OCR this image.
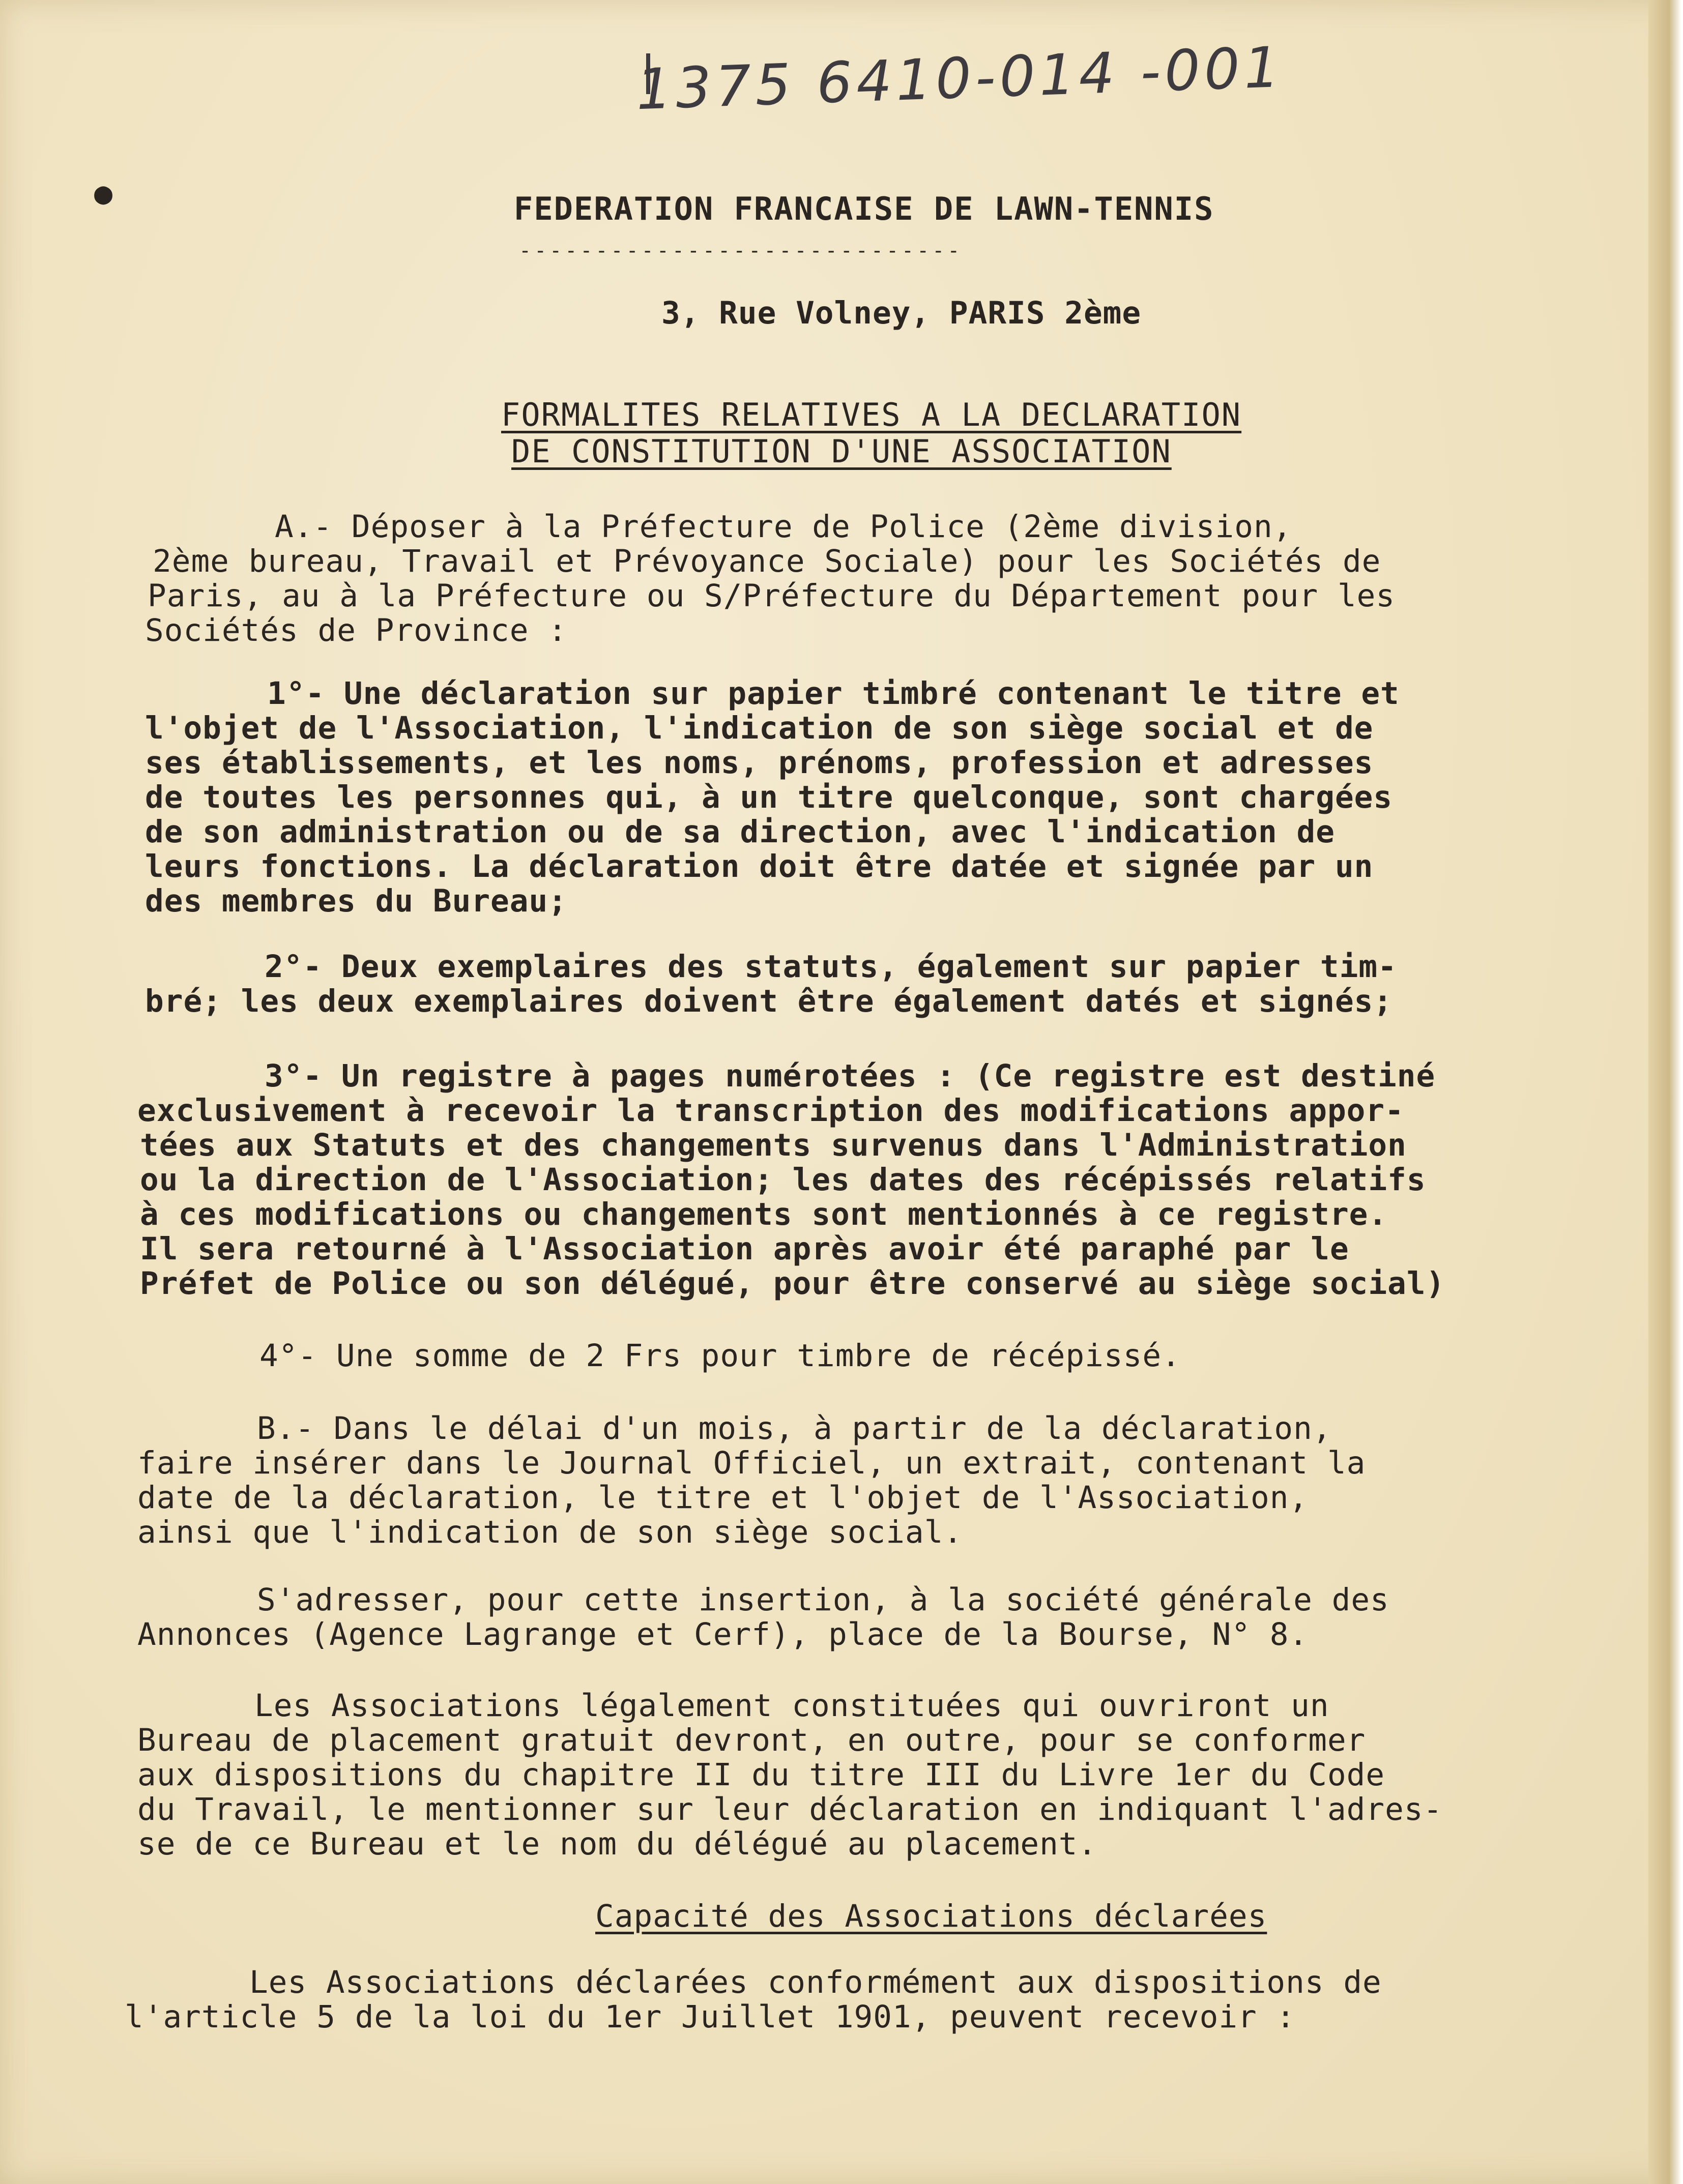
1375 6410-014 -001
●	FEDERATION FRANCAISE DE LAWN-TENNIS
-----------------------------
3, Rue Volney, PARIS 2ème
FORMALITES RELATIVES A LA DECLARATION
DE CONSTITUTION D'UNE ASSOCIATION
A.- Déposer à la Préfecture de Police (2ème division,
2ème bureau, Travail et Prévoyance Sociale) pour les Sociétés de
Paris, au à la Préfecture ou S/Préfecture du Département pour les
Sociétés de Province :
1°- Une déclaration sur papier timbré contenant le titre et
l'objet de l'Association, l'indication de son siège social et de
ses établissements, et les noms, prénoms, profession et adresses
de toutes les personnes qui, à un titre quelconque, sont chargées
de son administration ou de sa direction, avec l'indication de
leurs fonctions. La déclaration doit être datée et signée par un
des membres du Bureau;
2°- Deux exemplaires des statuts, également sur papier tim-
bré; les deux exemplaires doivent être également datés et signés;
3°- Un registre à pages numérotées : (Ce registre est destiné
exclusivement à recevoir la transcription des modifications appor-
tées aux Statuts et des changements survenus dans l'Administration
ou la direction de l'Association; les dates des récépissés relatifs
à ces modifications ou changements sont mentionnés à ce registre.
Il sera retourné à l'Association après avoir été paraphé par le
Préfet de Police ou son délégué, pour être conservé au siège social)
4°- Une somme de 2 Frs pour timbre de récépissé.
B.- Dans le délai d'un mois, à partir de la déclaration,
faire insérer dans le Journal Officiel, un extrait, contenant la
date de la déclaration, le titre et l'objet de l'Association,
ainsi que l'indication de son siège social.
S'adresser, pour cette insertion, à la société générale des
Annonces (Agence Lagrange et Cerf), place de la Bourse, N° 8.
Les Associations légalement constituées qui ouvriront un
Bureau de placement gratuit devront, en outre, pour se conformer
aux dispositions du chapitre II du titre III du Livre 1er du Code
du Travail, le mentionner sur leur déclaration en indiquant l'adres-
se de ce Bureau et le nom du délégué au placement.
Capacité des Associations déclarées
Les Associations déclarées conformément aux dispositions de
l'article 5 de la loi du 1er Juillet 1901, peuvent recevoir :
